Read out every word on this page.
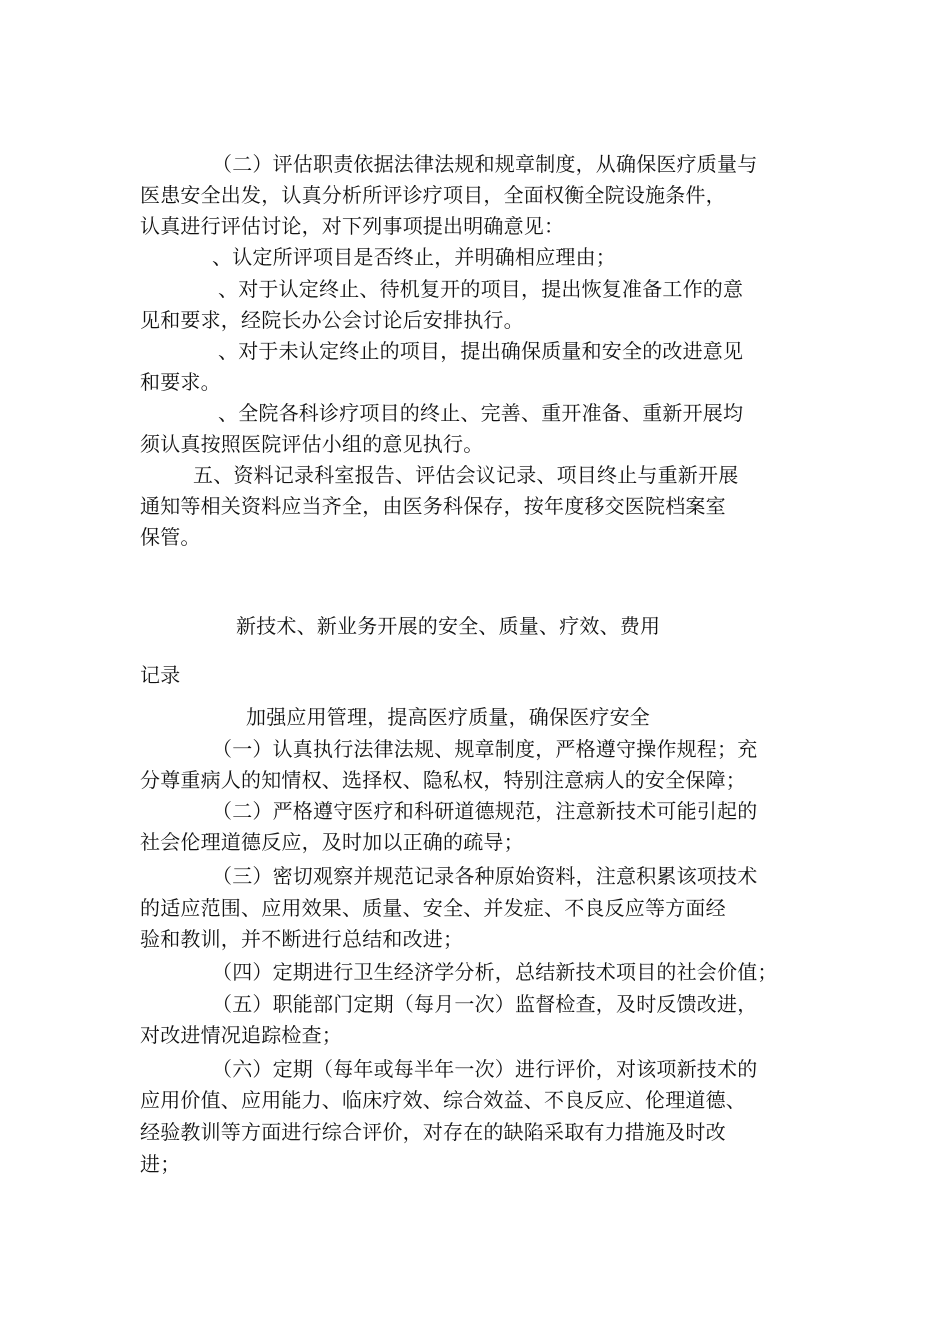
（二）评估职责依据法律法规和规章制度，从确保医疗质量与
医患安全出发，认真分析所评诊疗项目，全面权衡全院设施条件，
认真进行评估讨论，对下列事项提出明确意见：
、认定所评项目是否终止，并明确相应理由；
、对于认定终止、待机复开的项目，提出恢复准备工作的意
见和要求，经院长办公会讨论后安排执行。
、对于未认定终止的项目，提出确保质量和安全的改进意见
和要求。
、全院各科诊疗项目的终止、完善、重开准备、重新开展均
须认真按照医院评估小组的意见执行。
五、资料记录科室报告、评估会议记录、项目终止与重新开展
通知等相关资料应当齐全，由医务科保存，按年度移交医院档案室
保管。
新技术、新业务开展的安全、质量、疗效、费用
记录
加强应用管理，提高医疗质量，确保医疗安全
（一）认真执行法律法规、规章制度，严格遵守操作规程；充
分尊重病人的知情权、选择权、隐私权，特别注意病人的安全保障；
（二）严格遵守医疗和科研道德规范，注意新技术可能引起的
社会伦理道德反应，及时加以正确的疏导；
（三）密切观察并规范记录各种原始资料，注意积累该项技术
的适应范围、应用效果、质量、安全、并发症、不良反应等方面经
验和教训，并不断进行总结和改进；
（四）定期进行卫生经济学分析，总结新技术项目的社会价值；
（五）职能部门定期（每月一次）监督检查，及时反馈改进，
对改进情况追踪检查；
（六）定期（每年或每半年一次）进行评价，对该项新技术的
应用价值、应用能力、临床疗效、综合效益、不良反应、伦理道德、
经验教训等方面进行综合评价，对存在的缺陷采取有力措施及时改
进；
